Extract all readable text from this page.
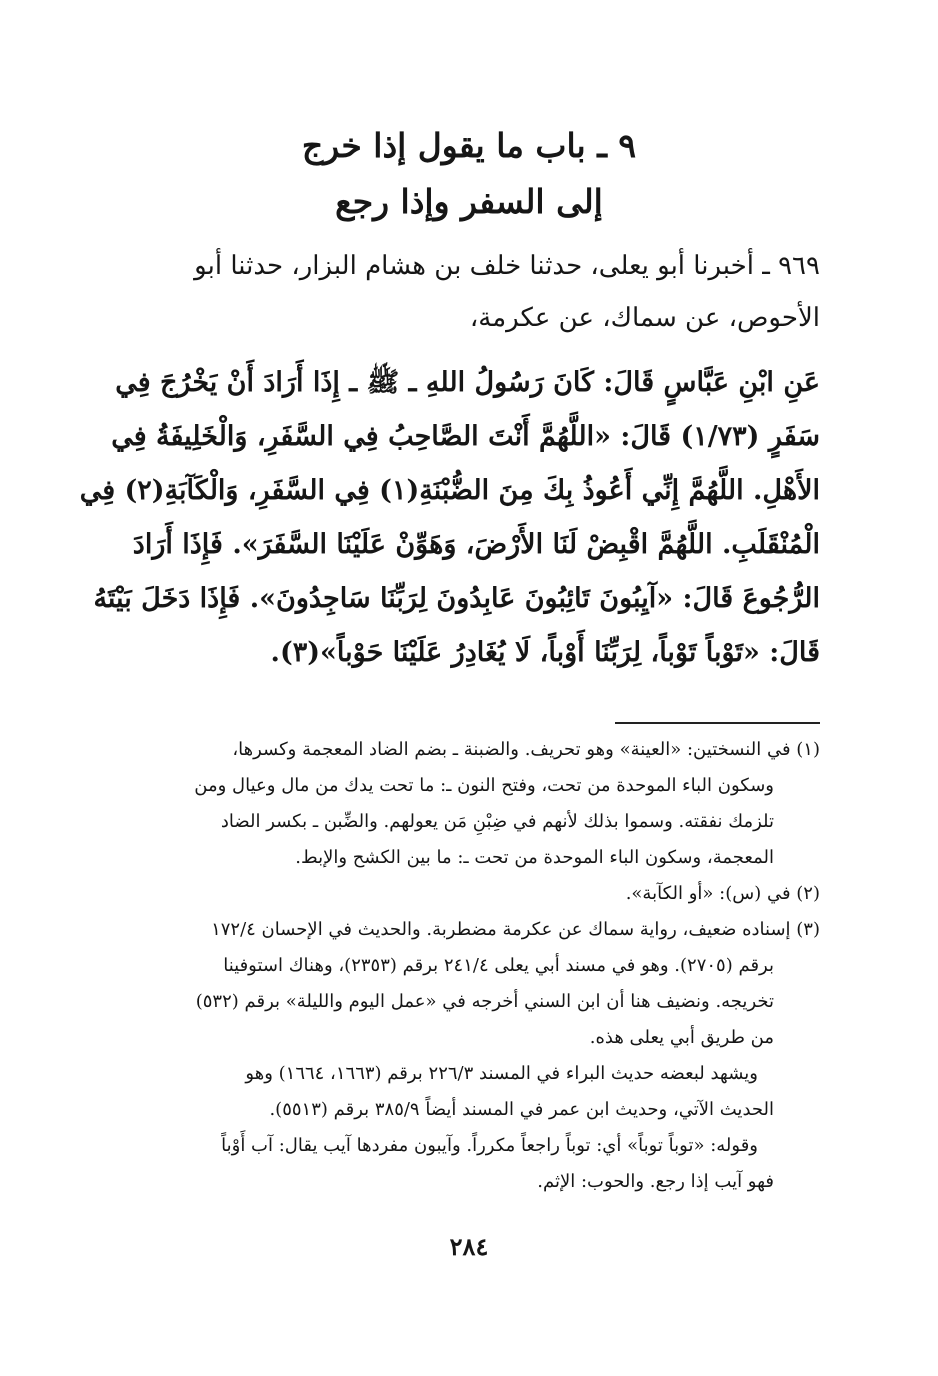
٩ ـ باب ما يقول إذا خرج
إلى السفر وإذا رجع
٩٦٩ ـ أخبرنا أبو يعلى، حدثنا خلف بن هشام البزار، حدثنا أبو
الأحوص، عن سماك، عن عكرمة،
عَنِ ابْنِ عَبَّاسٍ قَالَ: كَانَ رَسُولُ اللهِ ـ ﷺ ـ إِذَا أَرَادَ أَنْ يَخْرُجَ فِي
سَفَرٍ (١/٧٣) قَالَ: «اللَّهُمَّ أَنْتَ الصَّاحِبُ فِي السَّفَرِ، وَالْخَلِيفَةُ فِي
الأَهْلِ. اللَّهُمَّ إِنِّي أَعُوذُ بِكَ مِنَ الضُّبْنَةِ(١) فِي السَّفَرِ، وَالْكَآبَةِ(٢) فِي
الْمُنْقَلَبِ. اللَّهُمَّ اقْبِضْ لَنَا الأَرْضَ، وَهَوِّنْ عَلَيْنَا السَّفَرَ». فَإِذَا أَرَادَ
الرُّجُوعَ قَالَ: «آيِبُونَ تَائِبُونَ عَابِدُونَ لِرَبِّنَا سَاجِدُونَ». فَإِذَا دَخَلَ بَيْتَهُ
قَالَ: «تَوْباً تَوْباً، لِرَبِّنَا أَوْباً، لَا يُغَادِرُ عَلَيْنَا حَوْباً»(٣).
(١) في النسختين: «العينة» وهو تحريف. والضبنة ـ بضم الضاد المعجمة وكسرها،
وسكون الباء الموحدة من تحت، وفتح النون ـ: ما تحت يدك من مال وعيال ومن
تلزمك نفقته. وسموا بذلك لأنهم في ضِبْنِ مَن يعولهم. والضِّبن ـ بكسر الضاد
المعجمة، وسكون الباء الموحدة من تحت ـ: ما بين الكشح والإبط.
(٢) في (س): «أو الكآبة».
(٣) إسناده ضعيف، رواية سماك عن عكرمة مضطربة. والحديث في الإحسان ١٧٢/٤
برقم (٢٧٠٥). وهو في مسند أبي يعلى ٢٤١/٤ برقم (٢٣٥٣)، وهناك استوفينا
تخريجه. ونضيف هنا أن ابن السني أخرجه في «عمل اليوم والليلة» برقم (٥٣٢)
من طريق أبي يعلى هذه.
ويشهد لبعضه حديث البراء في المسند ٢٢٦/٣ برقم (١٦٦٣، ١٦٦٤) وهو
الحديث الآتي، وحديث ابن عمر في المسند أيضاً ٣٨٥/٩ برقم (٥٥١٣).
وقوله: «توباً توباً» أي: توباً راجعاً مكرراً. وآيبون مفردها آيب يقال: آب أَوْباً
فهو آيب إذا رجع. والحوب: الإثم.
٢٨٤
